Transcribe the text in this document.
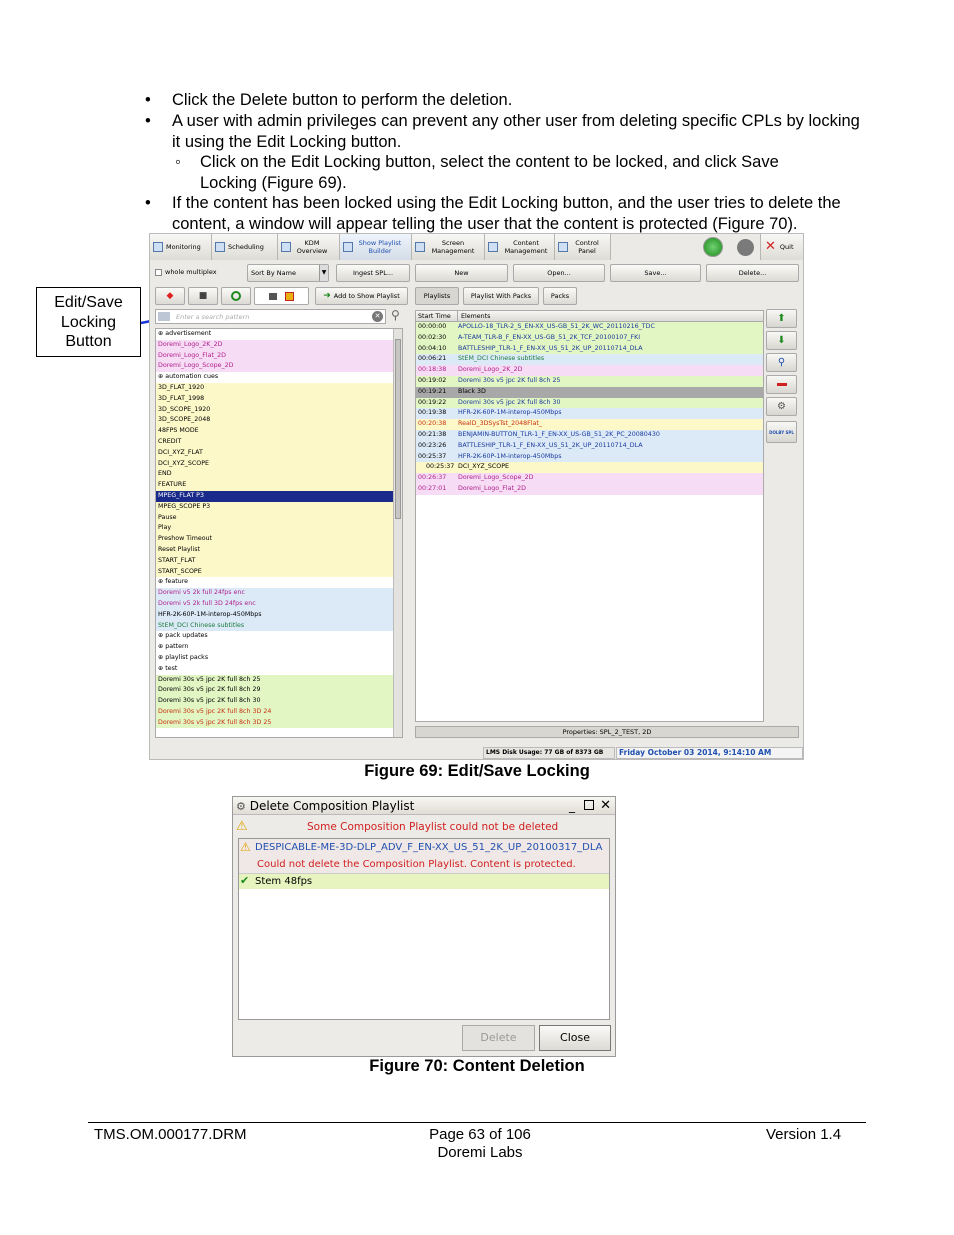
• Click the Delete button to perform the deletion.
• A user with admin privileges can prevent any other user from deleting specific CPLs by locking it using the Edit Locking button.
◦ Click on the Edit Locking button, select the content to be locked, and click Save Locking (Figure 69).
• If the content has been locked using the Edit Locking button, and the user tries to delete the content, a window will appear telling the user that the content is protected (Figure 70).
Edit/Save Locking Button
Monitoring	Scheduling	KDM Overview
Show Playlist Builder
Screen Management
Content Management
Control Panel	✕ Quit
whole multiplex	Sort By Name	▼	Ingest SPL...	New	Open...	Save...	Delete...
◆	■	➜ Add to Show Playlist	Playlists	Playlist With Packs	Packs
Enter a search pattern	✕ ⚲
⊕ advertisement
Doremi_Logo_2K_2D
Doremi_Logo_Flat_2D
Doremi_Logo_Scope_2D
⊕ automation cues
3D_FLAT_1920
3D_FLAT_1998
3D_SCOPE_1920
3D_SCOPE_2048
48FPS MODE
CREDIT
DCI_XYZ_FLAT
DCI_XYZ_SCOPE
END
FEATURE
MPEG_FLAT P3
MPEG_SCOPE P3
Pause
Play
Preshow Timeout
Reset Playlist
START_FLAT
START_SCOPE
⊕ feature
Doremi v5 2k full 24fps enc
Doremi v5 2k full 3D 24fps enc
HFR-2K-60P-1M-interop-450Mbps
StEM_DCI Chinese subtitles
⊕ pack updates
⊕ pattern
⊕ playlist packs
⊕ test
Doremi 30s v5 jpc 2K full 8ch 25
Doremi 30s v5 jpc 2K full 8ch 29
Doremi 30s v5 jpc 2K full 8ch 30
Doremi 30s v5 jpc 2K full 8ch 3D 24
Doremi 30s v5 jpc 2K full 8ch 3D 25
Start Time	Elements
00:00:00	APOLLO-18_TLR-2_S_EN-XX_US-GB_51_2K_WC_20110216_TDC
00:02:30	A-TEAM_TLR-B_F_EN-XX_US-GB_51_2K_TCF_20100107_FKI
00:04:10	BATTLESHIP_TLR-1_F_EN-XX_US_51_2K_UP_20110714_DLA
00:06:21	StEM_DCI Chinese subtitles
00:18:38	Doremi_Logo_2K_2D
00:19:02	Doremi 30s v5 jpc 2K full 8ch 25
00:19:21	Black 3D
00:19:22	Doremi 30s v5 jpc 2K full 8ch 30
00:19:38	HFR-2K-60P-1M-interop-450Mbps
00:20:38	RealD_3DSysTst_2048Flat_
00:21:38	BENJAMIN-BUTTON_TLR-1_F_EN-XX_US-GB_51_2K_PC_20080430
00:23:26	BATTLESHIP_TLR-1_F_EN-XX_US_51_2K_UP_20110714_DLA
00:25:37	HFR-2K-60P-1M-interop-450Mbps
00:25:37 DCI_XYZ_SCOPE
00:26:37	Doremi_Logo_Scope_2D
00:27:01	Doremi_Logo_Flat_2D
⬆
⬇
⚲
⚙
DOLBY SPL
Properties: SPL_2_TEST, 2D
LMS Disk Usage: 77 GB of 8373 GB	Friday October 03 2014, 9:14:10 AM
Figure 69: Edit/Save Locking
⚙ Delete Composition Playlist	_ ✕
⚠	Some Composition Playlist could not be deleted
⚠ DESPICABLE-ME-3D-DLP_ADV_F_EN-XX_US_51_2K_UP_20100317_DLA
Could not delete the Composition Playlist. Content is protected.
✔ Stem 48fps
Delete	Close
Figure 70: Content Deletion
TMS.OM.000177.DRM	Page 63 of 106
Doremi Labs
Version 1.4
